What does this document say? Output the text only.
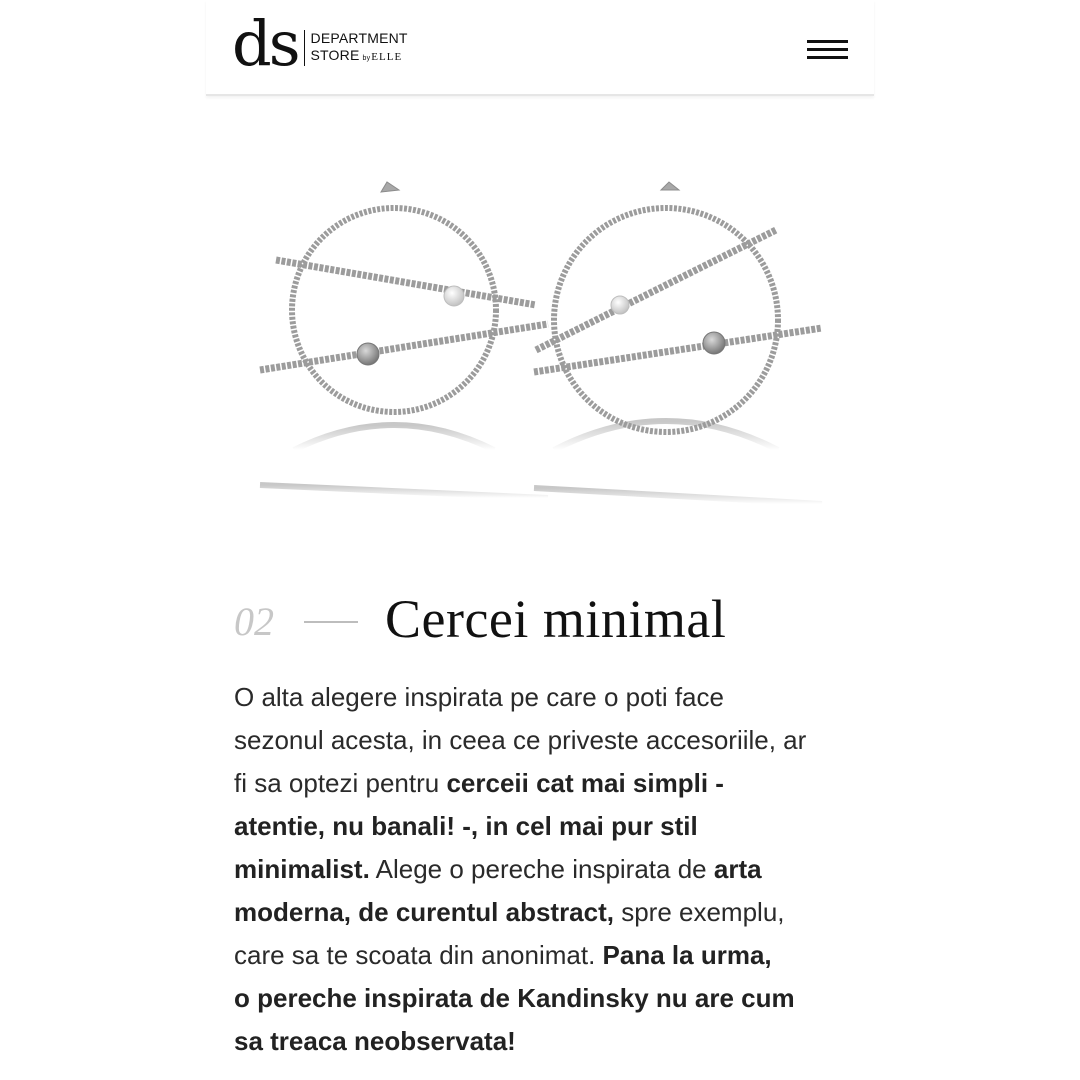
ds DEPARTMENT
STORE byELLE
02 Cercei minimal
O alta alegere inspirata pe care o poti face
sezonul acesta, in ceea ce priveste accesoriile, ar
fi sa optezi pentru cerceii cat mai simpli -
atentie, nu banali! -, in cel mai pur stil
minimalist. Alege o pereche inspirata de arta
moderna, de curentul abstract, spre exemplu,
care sa te scoata din anonimat. Pana la urma,
o pereche inspirata de Kandinsky nu are cum
sa treaca neobservata!
